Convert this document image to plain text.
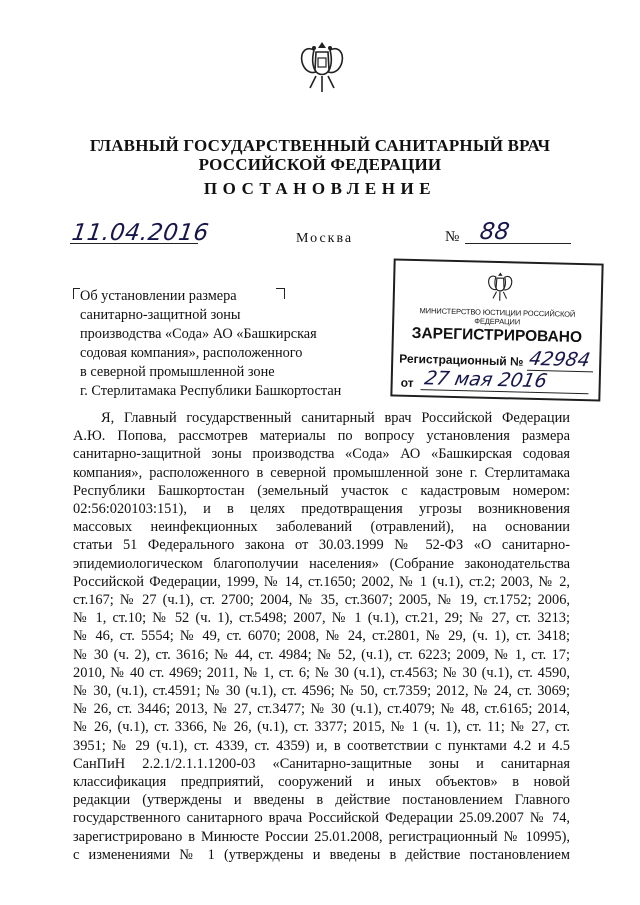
ГЛАВНЫЙ ГОСУДАРСТВЕННЫЙ САНИТАРНЫЙ ВРАЧ
РОССИЙСКОЙ ФЕДЕРАЦИИ
ПОСТАНОВЛЕНИЕ
11.04.2016	Москва	№ 88
Об установлении размера
санитарно-защитной зоны
производства «Сода» АО «Башкирская
содовая компания», расположенного
в северной промышленной зоне
г. Стерлитамака Республики Башкортостан
МИНИСТЕРСТВО ЮСТИЦИИ РОССИЙСКОЙ ФЕДЕРАЦИИ
ЗАРЕГИСТРИРОВАНО
Регистрационный № 42984
от 27 мая 2016

Я, Главный государственный санитарный врач Российской Федерации

А.Ю. Попова, рассмотрев материалы по вопросу установления размера

санитарно-защитной зоны производства «Сода» АО «Башкирская содовая

компания», расположенного в северной промышленной зоне г. Стерлитамака

Республики Башкортостан (земельный участок с кадастровым номером:

02:56:020103:151), и в целях предотвращения угрозы возникновения

массовых неинфекционных заболеваний (отравлений), на основании

статьи 51 Федерального закона от 30.03.1999 № 52-ФЗ «О санитарно-

эпидемиологическом благополучии населения» (Собрание законодательства

Российской Федерации, 1999, № 14, ст.1650; 2002, № 1 (ч.1), ст.2; 2003, № 2,

ст.167; № 27 (ч.1), ст. 2700; 2004, № 35, ст.3607; 2005, № 19, ст.1752; 2006,

№ 1, ст.10; № 52 (ч. 1), ст.5498; 2007, № 1 (ч.1), ст.21, 29; № 27, ст. 3213;

№ 46, ст. 5554; № 49, ст. 6070; 2008, № 24, ст.2801, № 29, (ч. 1), ст. 3418;

№ 30 (ч. 2), ст. 3616; № 44, ст. 4984; № 52, (ч.1), ст. 6223; 2009, № 1, ст. 17;

2010, № 40 ст. 4969; 2011, № 1, ст. 6; № 30 (ч.1), ст.4563; № 30 (ч.1), ст. 4590,

№ 30, (ч.1), ст.4591; № 30 (ч.1), ст. 4596; № 50, ст.7359; 2012, № 24, ст. 3069;

№ 26, ст. 3446; 2013, № 27, ст.3477; № 30 (ч.1), ст.4079; № 48, ст.6165; 2014,

№ 26, (ч.1), ст. 3366, № 26, (ч.1), ст. 3377; 2015, № 1 (ч. 1), ст. 11; № 27, ст.

3951; № 29 (ч.1), ст. 4339, ст. 4359) и, в соответствии с пунктами 4.2 и 4.5

СанПиН 2.2.1/2.1.1.1200-03 «Санитарно-защитные зоны и санитарная

классификация предприятий, сооружений и иных объектов» в новой

редакции (утверждены и введены в действие постановлением Главного

государственного санитарного врача Российской Федерации 25.09.2007 № 74,

зарегистрировано в Минюсте России 25.01.2008, регистрационный № 10995),

с изменениями № 1 (утверждены и введены в действие постановлением
